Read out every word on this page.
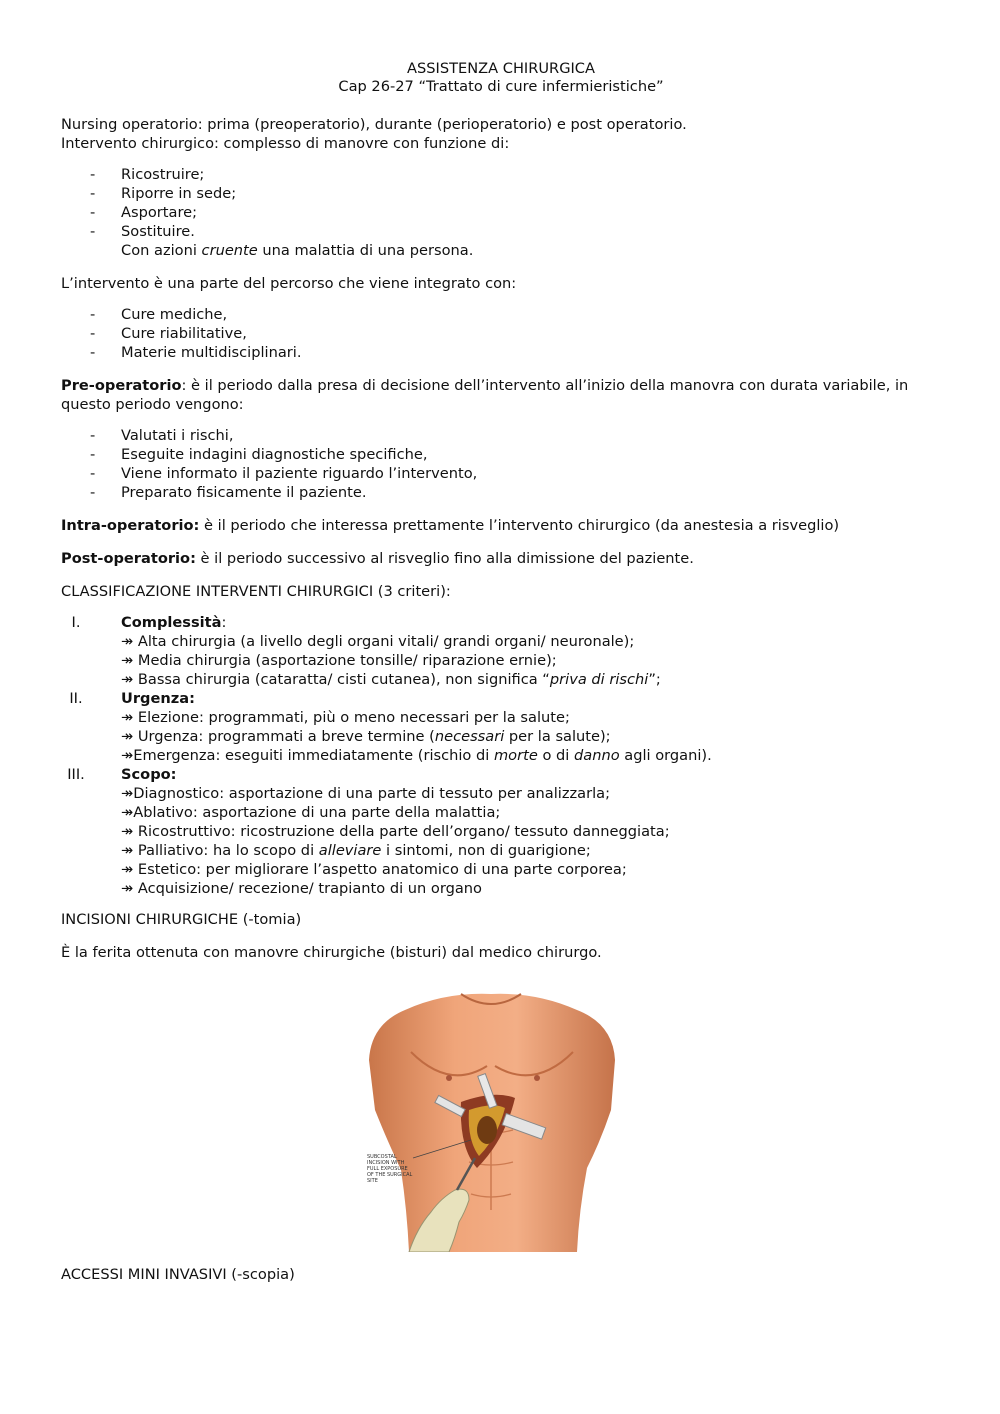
ASSISTENZA CHIRURGICA
Cap 26-27 “Trattato di cure infermieristiche”

Nursing operatorio: prima (preoperatorio), durante (perioperatorio) e post operatorio.

Intervento chirurgico: complesso di manovre con funzione di:

- Ricostruire;
- Riporre in sede;
- Asportare;
- Sostituire.
Con azioni cruente una malattia di una persona.

L’intervento è una parte del percorso che viene integrato con:

- Cure mediche,
- Cure riabilitative,
- Materie multidisciplinari.

Pre-operatorio: è il periodo dalla presa di decisione dell’intervento all’inizio della manovra con durata variabile, in questo periodo vengono:

- Valutati i rischi,
- Eseguite indagini diagnostiche specifiche,
- Viene informato il paziente riguardo l’intervento,
- Preparato fisicamente il paziente.

Intra-operatorio: è il periodo che interessa prettamente l’intervento chirurgico (da anestesia a risveglio)

Post-operatorio: è il periodo successivo al risveglio fino alla dimissione del paziente.

CLASSIFICAZIONE INTERVENTI CHIRURGICI (3 criteri):

I.	Complessità:
↠ Alta chirurgia (a livello degli organi vitali/ grandi organi/ neuronale);
↠ Media chirurgia (asportazione tonsille/ riparazione ernie);
↠ Bassa chirurgia (cataratta/ cisti cutanea), non significa “priva di rischi”;
II.	Urgenza:
↠ Elezione: programmati, più o meno necessari per la salute;
↠ Urgenza: programmati a breve termine (necessari per la salute);
↠Emergenza: eseguiti immediatamente (rischio di morte o di danno agli organi).
III.	Scopo:
↠Diagnostico: asportazione di una parte di tessuto per analizzarla;
↠Ablativo: asportazione di una parte della malattia;
↠ Ricostruttivo: ricostruzione della parte dell’organo/ tessuto danneggiata;
↠ Palliativo: ha lo scopo di alleviare i sintomi, non di guarigione;
↠ Estetico: per migliorare l’aspetto anatomico di una parte corporea;
↠ Acquisizione/ recezione/ trapianto di un organo

INCISIONI CHIRURGICHE (-tomia)

È la ferita ottenuta con manovre chirurgiche (bisturi) dal medico chirurgo.

SUBCOSTAL
INCISION WITH
FULL EXPOSURE
OF THE SURGICAL
SITE

ACCESSI MINI INVASIVI (-scopia)
